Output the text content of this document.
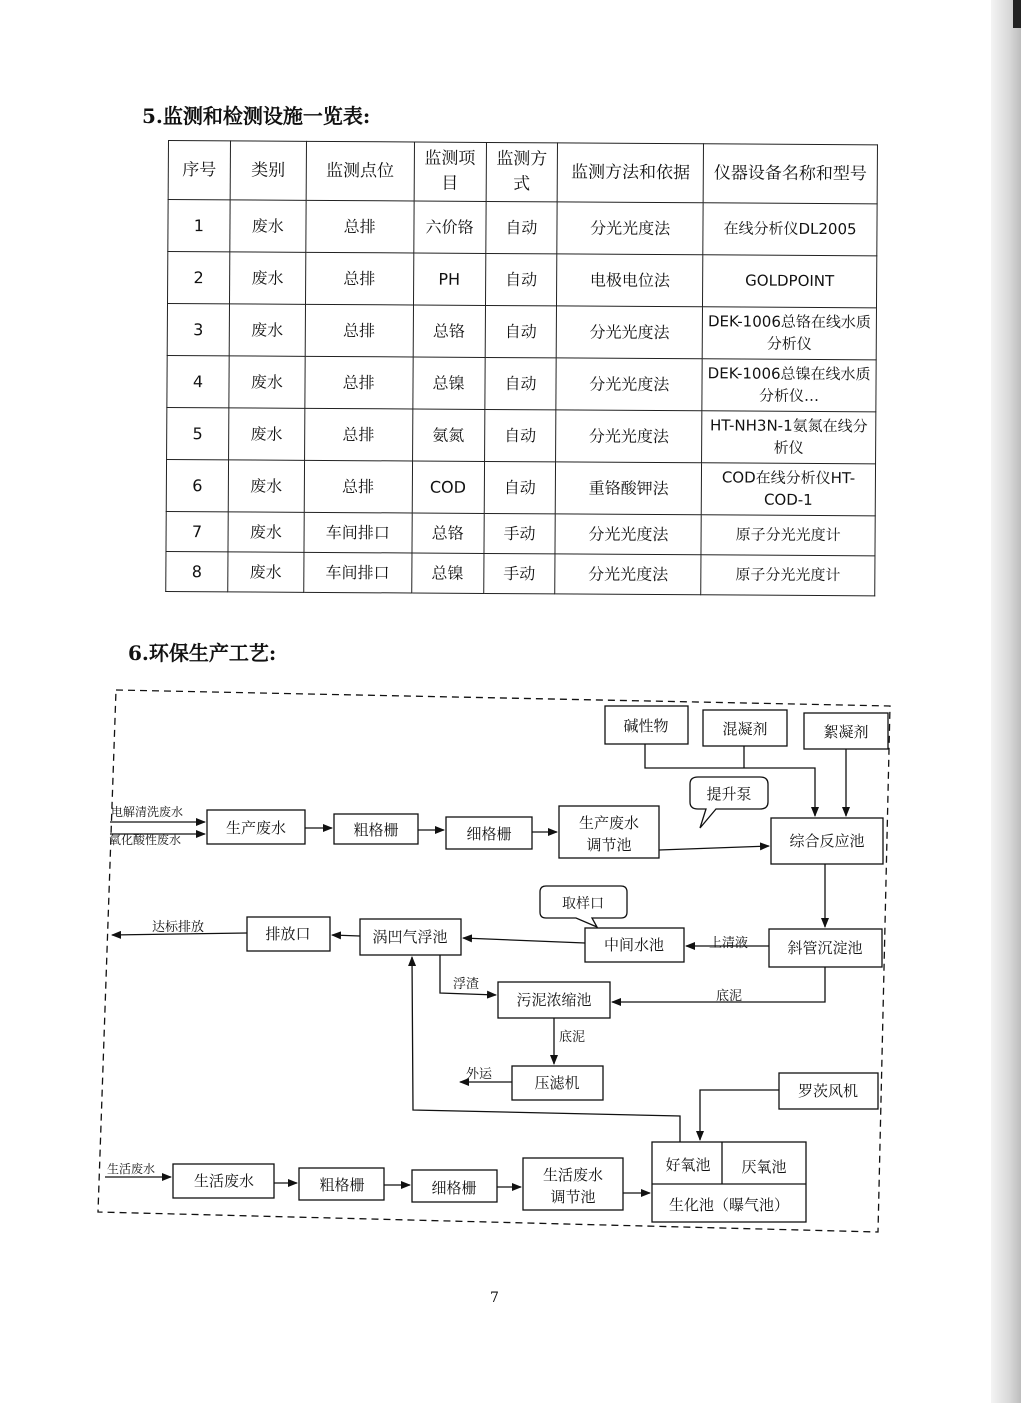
5.监测和检测设施一览表:
序号	类别	监测点位	监测项目	监测方式	监测方法和依据	仪器设备名称和型号
1	废水	总排	六价铬	自动	分光光度法	在线分析仪DL2005
2	废水	总排	PH	自动	电极电位法	GOLDPOINT
3	废水	总排	总铬	自动	分光光度法	DEK-1006总铬在线水质分析仪
4	废水	总排	总镍	自动	分光光度法	DEK-1006总镍在线水质分析仪…
5	废水	总排	氨氮	自动	分光光度法	HT-NH3N-1氨氮在线分析仪
6	废水	总排	COD	自动	重铬酸钾法	COD在线分析仪HT-COD-1
7	废水	车间排口	总铬	手动	分光光度法	原子分光光度计
8	废水	车间排口	总镍	手动	分光光度法	原子分光光度计
6.环保生产工艺:
电解清洗废水
氧化酸性废水
生活废水
生产废水	粗格栅	细格栅
生产废水
调节池
碱性物	混凝剂	絮凝剂
提升泵
综合反应池
取样口
中间水池	斜管沉淀池
涡凹气浮池
排放口
污泥浓缩池
压滤机	罗茨风机
好氧池 厌氧池
生化池（曝气池）
生活废水	粗格栅	细格栅
生活废水
调节池
达标排放
上清液
浮渣
底泥
底泥
外运
7
